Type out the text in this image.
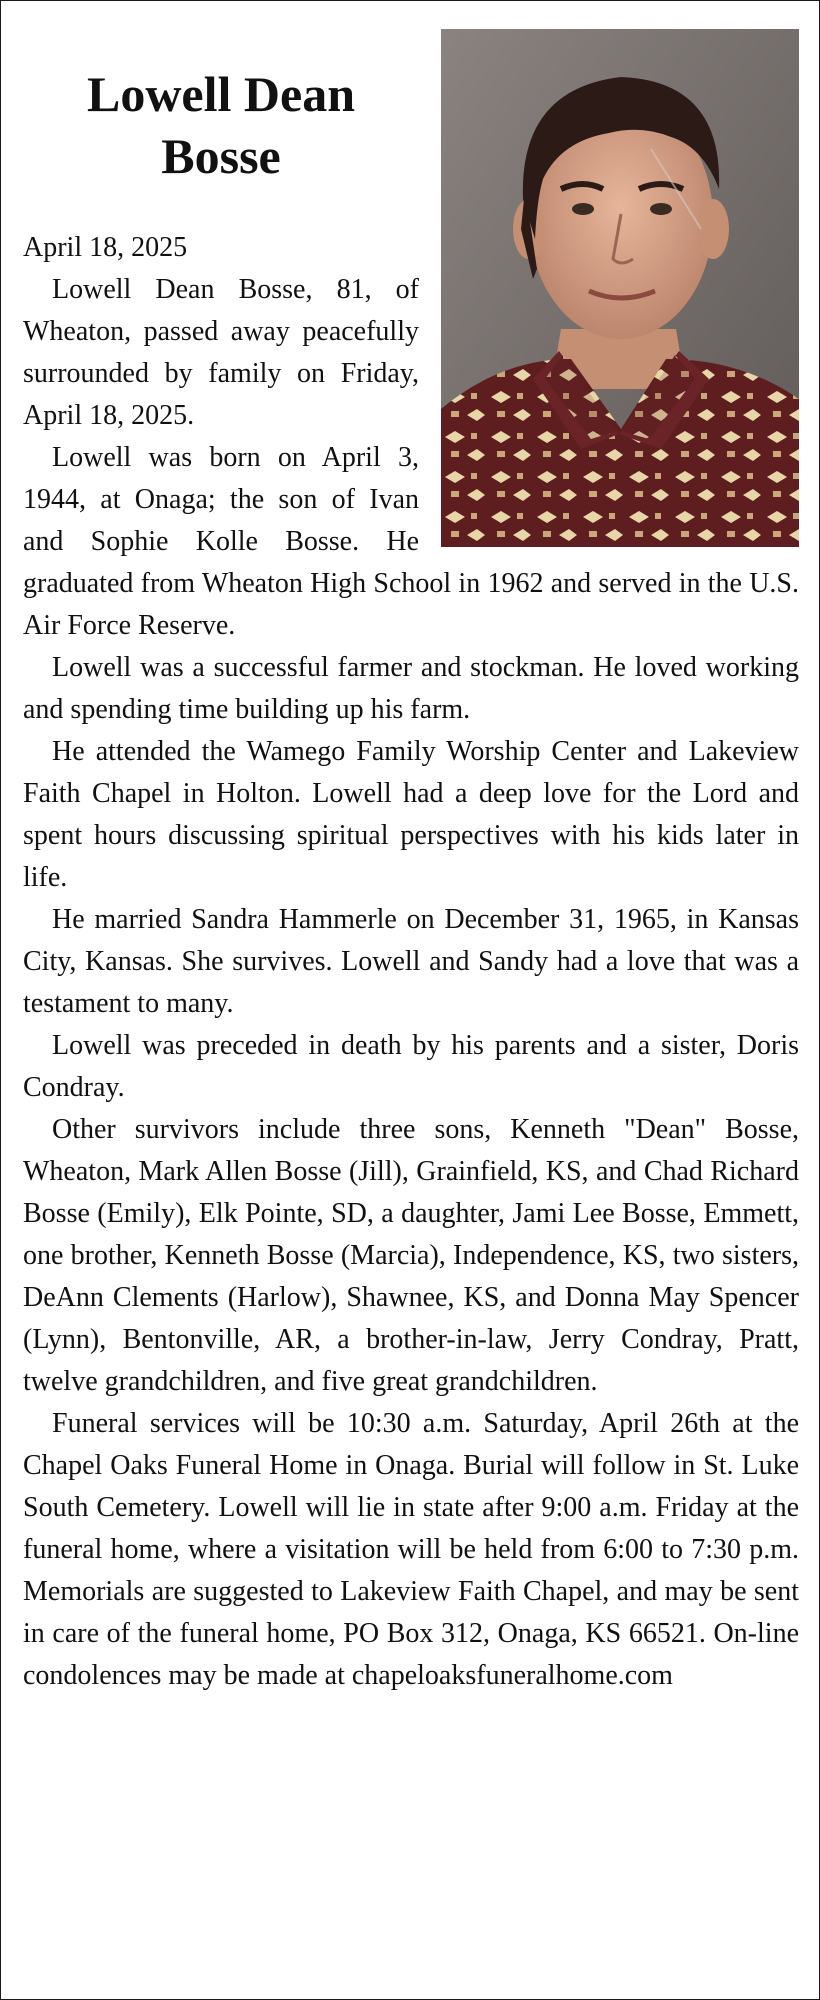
Lowell Dean
Bosse

April 18, 2025

Lowell Dean Bosse, 81, of Wheaton, passed away peacefully surrounded by family on Friday, April 18, 2025.

Lowell was born on April 3, 1944, at Onaga; the son of Ivan and Sophie Kolle Bosse. He graduated from Wheaton High School in 1962 and served in the U.S. Air Force Reserve.

Lowell was a successful farmer and stockman. He loved working and spending time building up his farm.

He attended the Wamego Family Worship Center and Lakeview Faith Chapel in Holton. Lowell had a deep love for the Lord and spent hours discussing spiritual perspectives with his kids later in life.

He married Sandra Hammerle on December 31, 1965, in Kansas City, Kansas. She survives. Lowell and Sandy had a love that was a testament to many.

Lowell was preceded in death by his parents and a sister, Doris Condray.

Other survivors include three sons, Kenneth "Dean" Bosse, Wheaton, Mark Allen Bosse (Jill), Grainfield, KS, and Chad Richard Bosse (Emily), Elk Pointe, SD, a daughter, Jami Lee Bosse, Emmett, one brother, Kenneth Bosse (Marcia), Independence, KS, two sisters, DeAnn Clements (Harlow), Shawnee, KS, and Donna May Spencer (Lynn), Bentonville, AR, a brother-in-law, Jerry Condray, Pratt, twelve grandchildren, and five great grandchildren.

Funeral services will be 10:30 a.m. Saturday, April 26th at the Chapel Oaks Funeral Home in Onaga. Burial will follow in St. Luke South Cemetery. Lowell will lie in state after 9:00 a.m. Friday at the funeral home, where a visitation will be held from 6:00 to 7:30 p.m. Memorials are suggested to Lakeview Faith Chapel, and may be sent in care of the funeral home, PO Box 312, Onaga, KS 66521. On-line condolences may be made at chapeloaksfuneralhome.com
